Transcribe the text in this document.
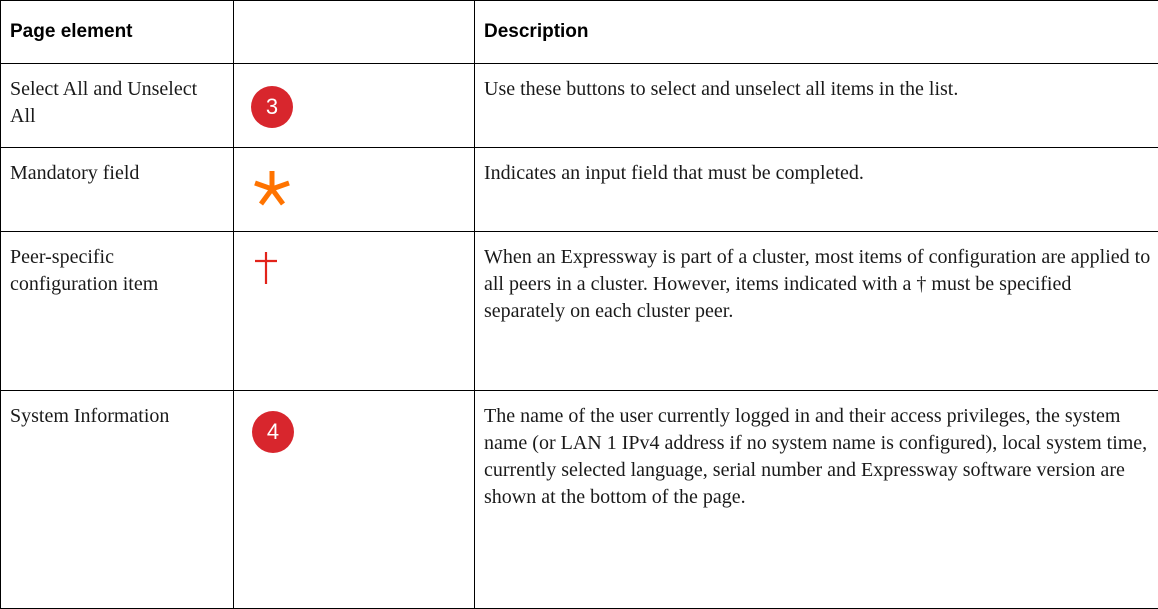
Page element		Description

Select All and Unselect All	3	Use these buttons to select and unselect all items in the list.

Mandatory field		Indicates an input field that must be completed.

Peer-specific configuration item		When an Expressway is part of a cluster, most items of configuration are applied to all peers in a cluster. However, items indicated with a † must be specified separately on each cluster peer.

System Information	4	The name of the user currently logged in and their access privileges, the system name (or LAN 1 IPv4 address if no system name is configured), local system time, currently selected language, serial number and Expressway software version are shown at the bottom of the page.
